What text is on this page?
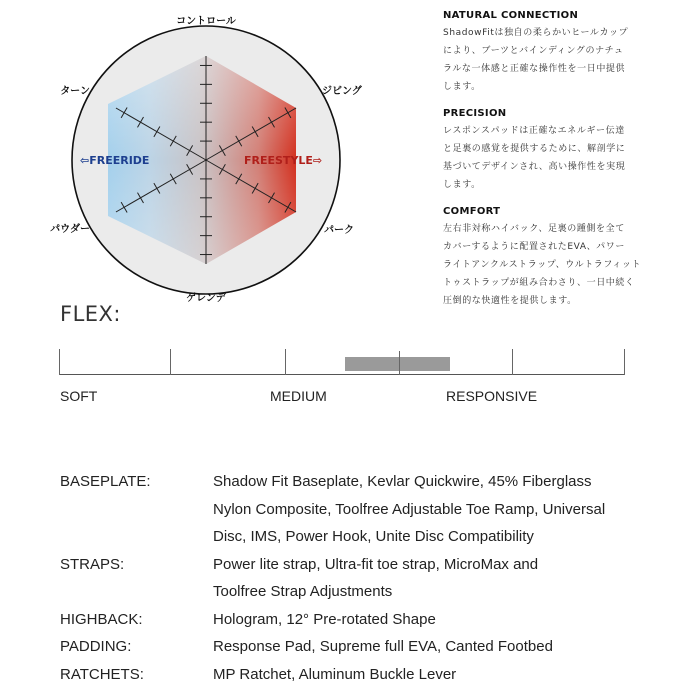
コントロール
ジビング
パーク
ゲレンデ
パウダー
ターン
⇦FREERIDE	FREESTYLE⇨
NATURAL CONNECTION
ShadowFitは独自の柔らかいヒールカップ
により、ブーツとバインディングのナチュ
ラルな一体感と正確な操作性を一日中提供
します。
PRECISION
レスポンスパッドは正確なエネルギー伝達
と足裏の感覚を提供するために、解剖学に
基づいてデザインされ、高い操作性を実現
します。
COMFORT
左右非対称ハイバック、足裏の踵側を全て
カバーするように配置されたEVA、パワー
ライトアンクルストラップ、ウルトラフィット
トゥストラップが組み合わさり、一日中続く
圧倒的な快適性を提供します。
FLEX:
SOFT	MEDIUM	RESPONSIVE
BASEPLATE:	Shadow Fit Baseplate, Kevlar Quickwire, 45% Fiberglass
Nylon Composite, Toolfree Adjustable Toe Ramp, Universal
Disc, IMS, Power Hook, Unite Disc Compatibility
STRAPS:	Power lite strap, Ultra-fit toe strap, MicroMax and
Toolfree Strap Adjustments
HIGHBACK:	Hologram, 12° Pre-rotated Shape
PADDING:	Response Pad, Supreme full EVA, Canted Footbed
RATCHETS:	MP Ratchet, Aluminum Buckle Lever
